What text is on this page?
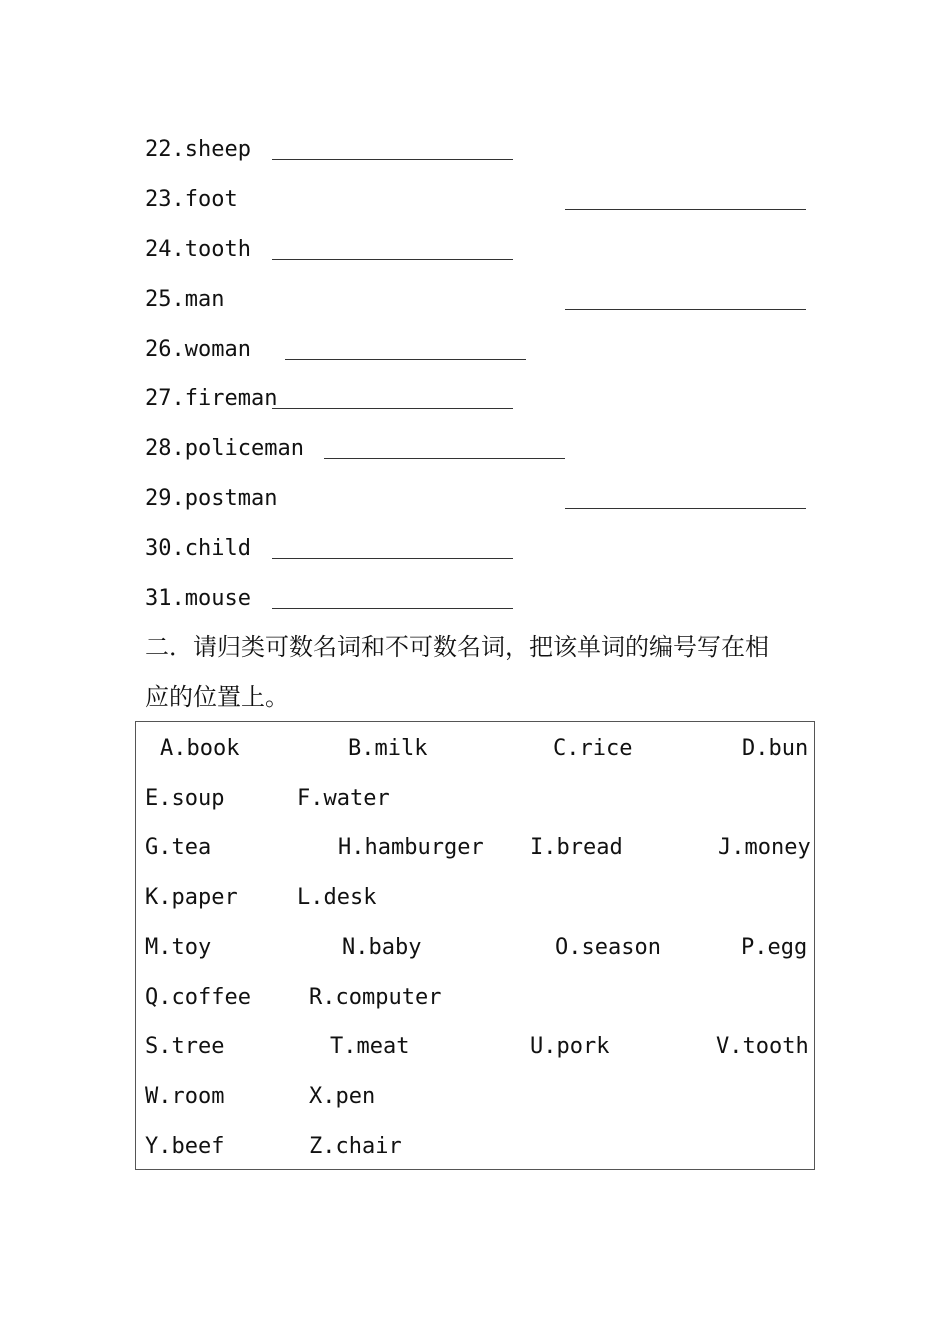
22.sheep
23.foot
24.tooth
25.man
26.woman
27.fireman
28.policeman
29.postman
30.child
31.mouse
二．请归类可数名词和不可数名词，把该单词的编号写在相
应的位置上。
A.book	B.milk	C.rice	D.bun
E.soup	F.water
G.tea	H.hamburger I.bread	J.money
K.paper	L.desk
M.toy	N.baby	O.season	P.egg
Q.coffee	R.computer
S.tree	T.meat	U.pork	V.tooth
W.room	X.pen
Y.beef	Z.chair
